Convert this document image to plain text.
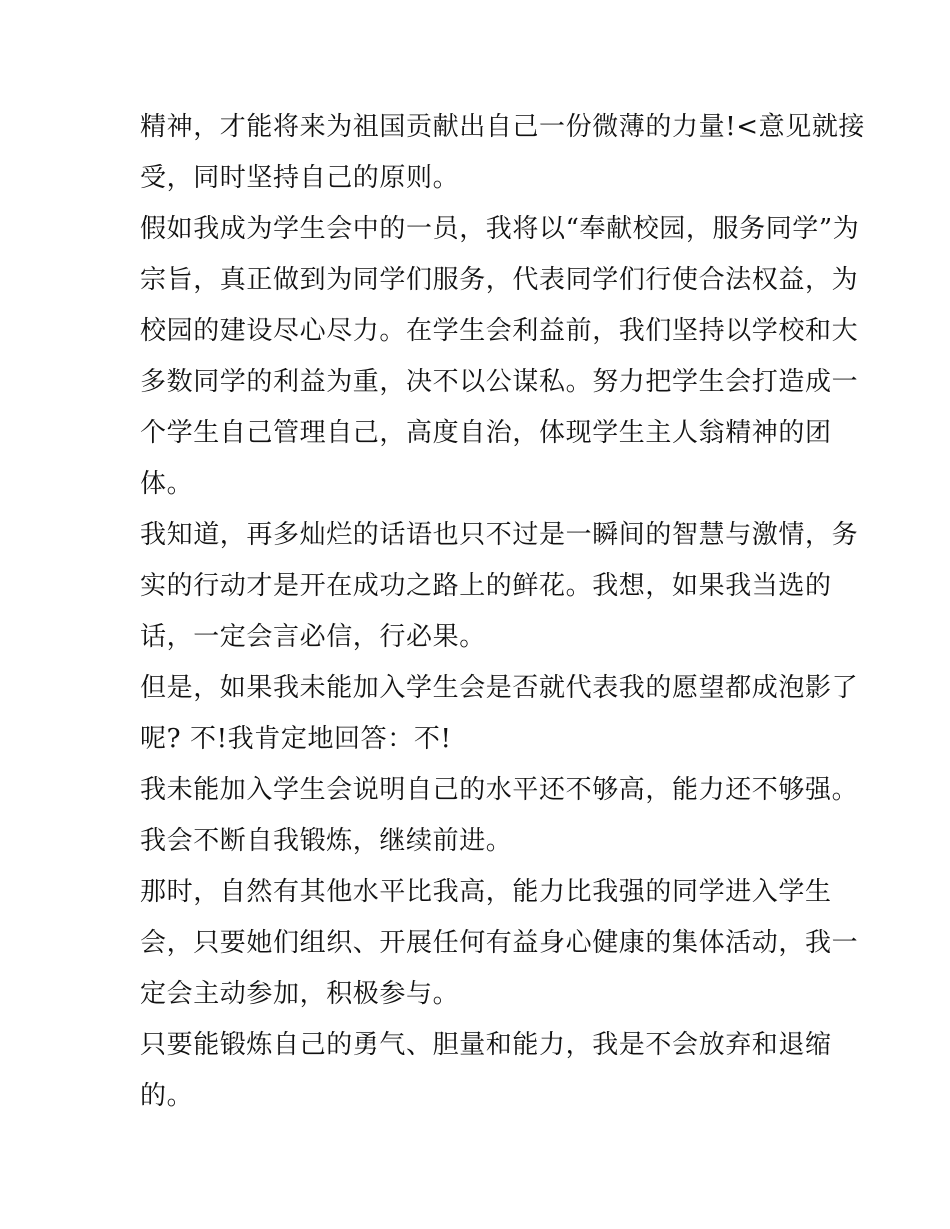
精神，才能将来为祖国贡献出自己一份微薄的力量!<意见就接
受，同时坚持自己的原则。
假如我成为学生会中的一员，我将以“奉献校园，服务同学”为
宗旨，真正做到为同学们服务，代表同学们行使合法权益，为
校园的建设尽心尽力。在学生会利益前，我们坚持以学校和大
多数同学的利益为重，决不以公谋私。努力把学生会打造成一
个学生自己管理自己，高度自治，体现学生主人翁精神的团
体。
我知道，再多灿烂的话语也只不过是一瞬间的智慧与激情，务
实的行动才是开在成功之路上的鲜花。我想，如果我当选的
话，一定会言必信，行必果。
但是，如果我未能加入学生会是否就代表我的愿望都成泡影了
呢? 不!我肯定地回答：不!
我未能加入学生会说明自己的水平还不够高，能力还不够强。
我会不断自我锻炼，继续前进。
那时，自然有其他水平比我高，能力比我强的同学进入学生
会，只要她们组织、开展任何有益身心健康的集体活动，我一
定会主动参加，积极参与。
只要能锻炼自己的勇气、胆量和能力，我是不会放弃和退缩
的。
